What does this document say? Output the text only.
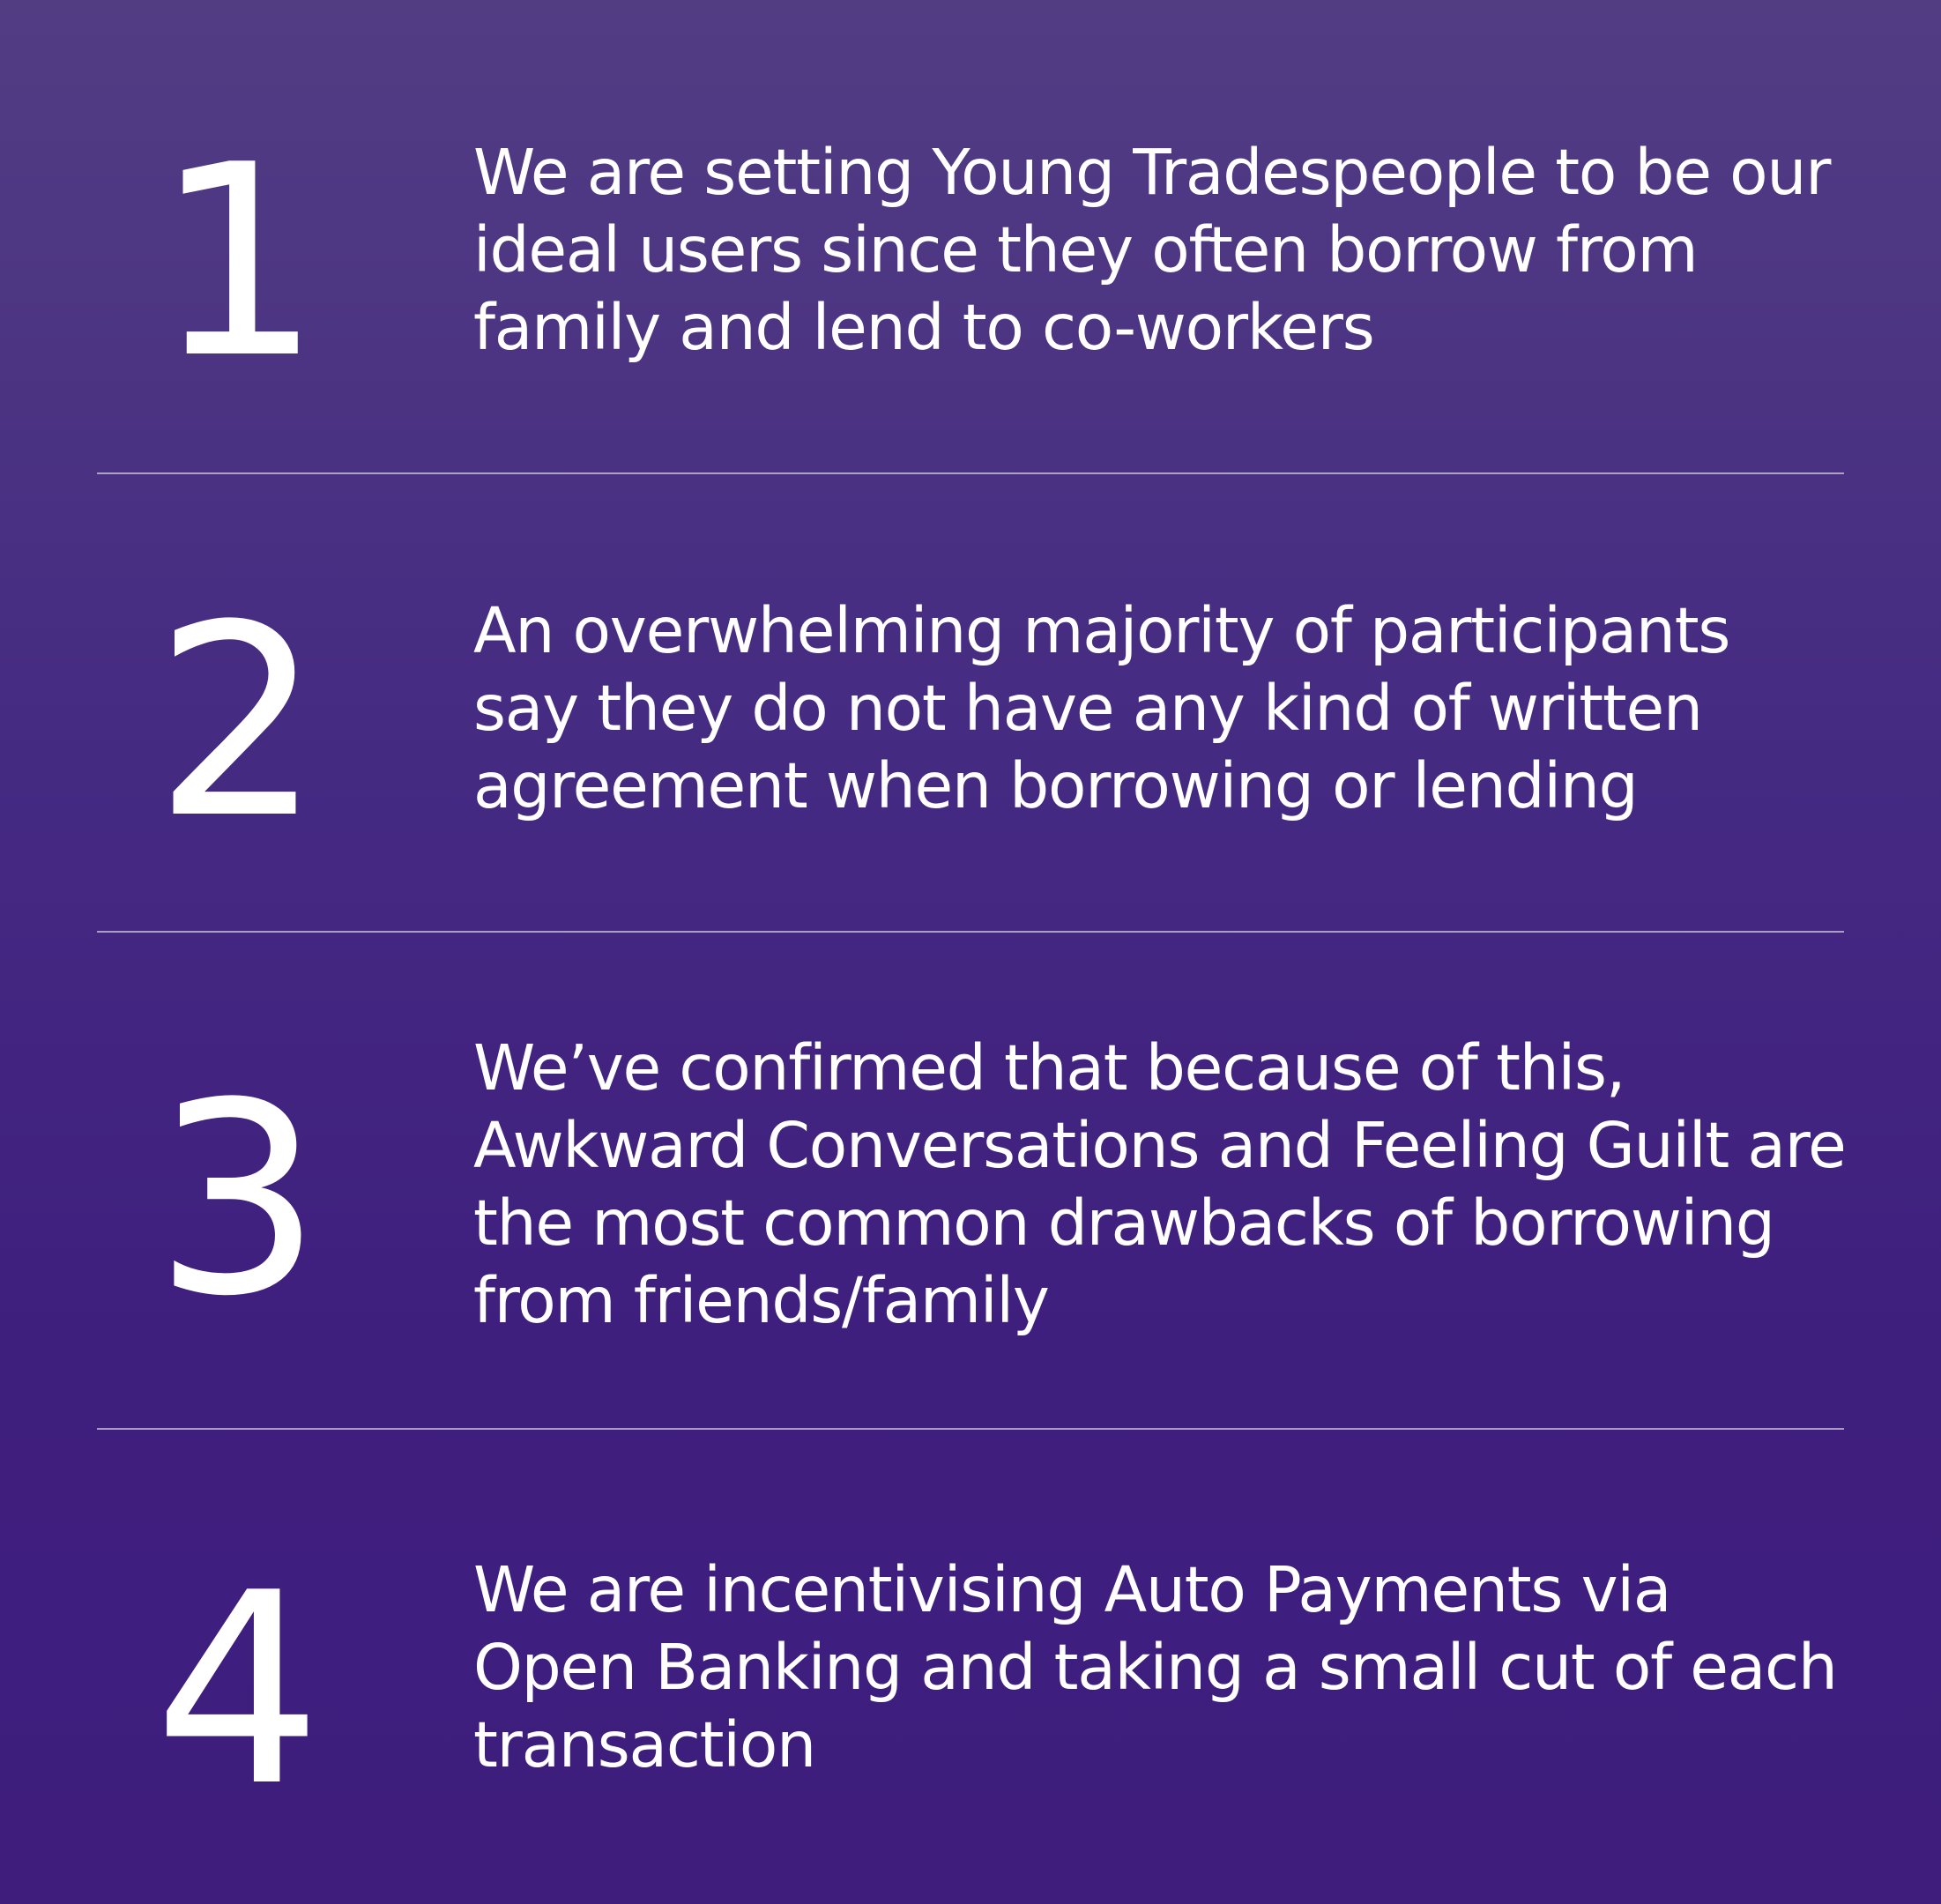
1	We are setting Young Tradespeople to be our ideal users since they often borrow from family and lend to co-workers
2	An overwhelming majority of participants say they do not have any kind of written agreement when borrowing or lending
3	We’ve confirmed that because of this, Awkward Conversations and Feeling Guilt are the most common drawbacks of borrowing from friends/family
4	We are incentivising Auto Payments via Open Banking and taking a small cut of each transaction
